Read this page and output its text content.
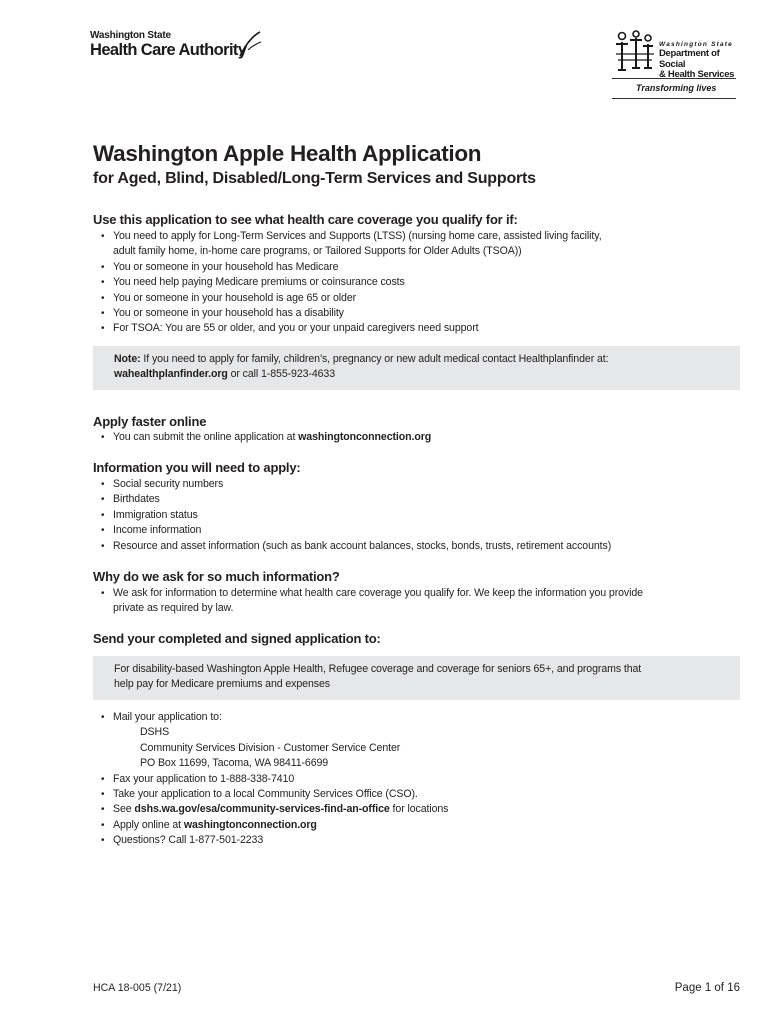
Washington State
Health Care Authority	Washington State
Department of Social
& Health Services
Transforming lives
Washington Apple Health Application
for Aged, Blind, Disabled/Long-Term Services and Supports
Use this application to see what health care coverage you qualify for if:
• You need to apply for Long-Term Services and Supports (LTSS) (nursing home care, assisted living facility,
adult family home, in-home care programs, or Tailored Supports for Older Adults (TSOA))
• You or someone in your household has Medicare
• You need help paying Medicare premiums or coinsurance costs
• You or someone in your household is age 65 or older
• You or someone in your household has a disability
• For TSOA: You are 55 or older, and you or your unpaid caregivers need support

Note: If you need to apply for family, children’s, pregnancy or new adult medical contact Healthplanfinder at:
wahealthplanfinder.org or call 1-855-923-4633

Apply faster online
• You can submit the online application at washingtonconnection.org
Information you will need to apply:
• Social security numbers
• Birthdates
• Immigration status
• Income information
• Resource and asset information (such as bank account balances, stocks, bonds, trusts, retirement accounts)
Why do we ask for so much information?
• We ask for information to determine what health care coverage you qualify for. We keep the information you provide
private as required by law.
Send your completed and signed application to:

For disability-based Washington Apple Health, Refugee coverage and coverage for seniors 65+, and programs that
help pay for Medicare premiums and expenses

• Mail your application to:
DSHS
Community Services Division - Customer Service Center
PO Box 11699, Tacoma, WA 98411-6699
• Fax your application to 1-888-338-7410
• Take your application to a local Community Services Office (CSO).
• See dshs.wa.gov/esa/community-services-find-an-office for locations
• Apply online at washingtonconnection.org
• Questions? Call 1-877-501-2233
HCA 18-005 (7/21)	Page 1 of 16
